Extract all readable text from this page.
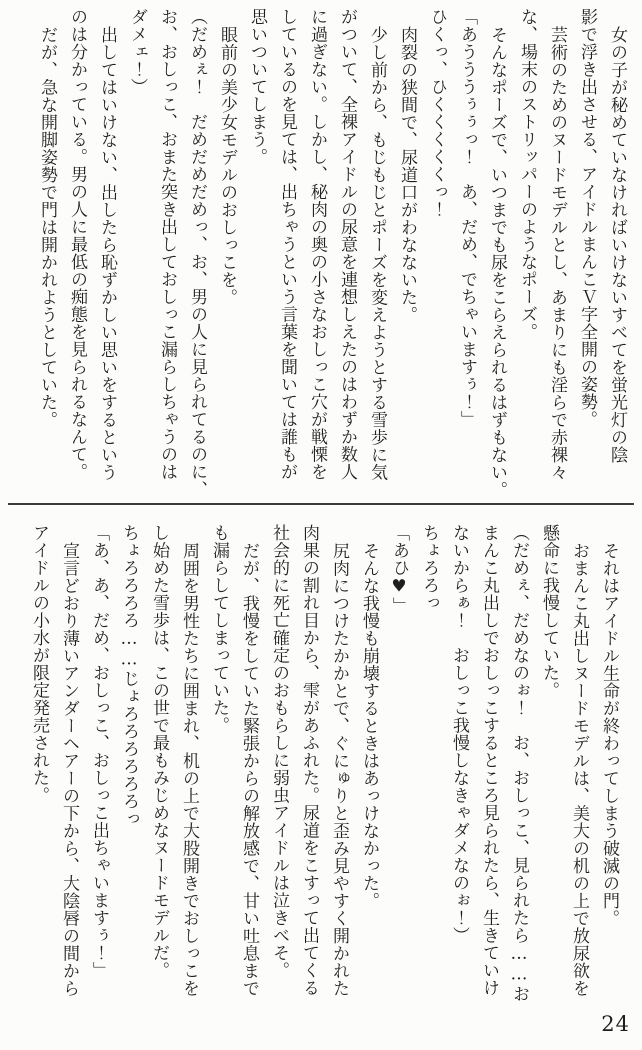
女の子が秘めていなければいけないすべてを蛍光灯の陰

影で浮き出させる、アイドルまんこＶ字全開の姿勢。

芸術のためのヌードモデルとし、あまりにも淫らで赤裸々

な、場末のストリッパーのようなポーズ。

そんなポーズで、いつまでも尿をこらえられるはずもない。

「あうううぅぅっ！　あ、だめ、でちゃいますぅ！」

ひくっ、ひくくくくくっ！

肉裂の狭間で、尿道口がわなないた。

少し前から、もじもじとポーズを変えようとする雪歩に気

がついて、全裸アイドルの尿意を連想しえたのはわずか数人

に過ぎない。しかし、秘肉の奥の小さなおしっこ穴が戦慄を

しているのを見ては、出ちゃうという言葉を聞いては誰もが

思いついてしまう。

眼前の美少女モデルのおしっこを。

（だめぇ！　だめだめだめっ、お、男の人に見られてるのに、

お、おしっこ、おまた突き出しておしっこ漏らしちゃうのは

ダメェ！）

出してはいけない、出したら恥ずかしい思いをするという

のは分かっている。男の人に最低の痴態を見られるなんて。

だが、急な開脚姿勢で門は開かれようとしていた。

それはアイドル生命が終わってしまう破滅の門。

おまんこ丸出しヌードモデルは、美大の机の上で放尿欲を

懸命に我慢していた。

（だめぇ、だめなのぉ！　お、おしっこ、見られたら……お

まんこ丸出しでおしっこするところ見られたら、生きていけ

ないからぁ！　おしっこ我慢しなきゃダメなのぉ！）

ちょろろっ

「あひ♥」

そんな我慢も崩壊するときはあっけなかった。

尻肉につけたかかとで、ぐにゅりと歪み見やすく開かれた

肉果の割れ目から、雫があふれた。尿道をこすって出てくる

社会的に死亡確定のおもらしに弱虫アイドルは泣きべそ。

だが、我慢をしていた緊張からの解放感で、甘い吐息まで

も漏らしてしまっていた。

周囲を男性たちに囲まれ、机の上で大股開きでおしっこを

し始めた雪歩は、この世で最もみじめなヌードモデルだ。

ちょろろろろ……じょろろろろろろっ

「あ、あ、だめ、おしっこ、おしっこ出ちゃいますぅ！」

宣言どおり薄いアンダーヘアーの下から、大陰唇の間から

アイドルの小水が限定発売された。

24
